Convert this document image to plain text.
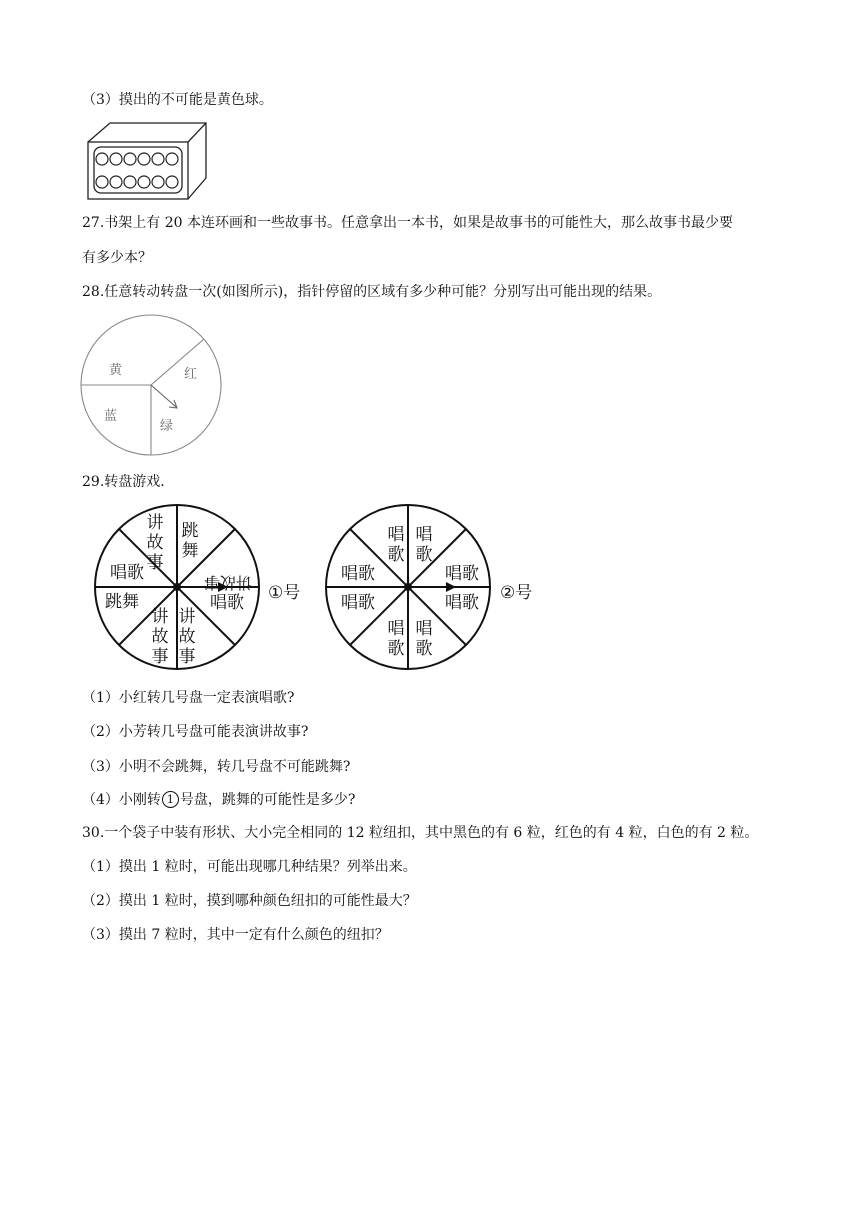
（3）摸出的不可能是黄色球。
27.书架上有 20 本连环画和一些故事书。任意拿出一本书，如果是故事书的可能性大，那么故事书最少要
有多少本？
28.任意转动转盘一次(如图所示)，指针停留的区域有多少种可能？分别写出可能出现的结果。
黄	红
蓝
绿
29.转盘游戏.
讲
故
事
跳
舞
讲故事
唱歌
讲
故
事
讲
故
事
跳舞
唱歌
①号
唱
歌
唱
歌
唱歌
唱歌
唱歌
唱歌
唱
歌
唱
歌
②号
（1）小红转几号盘一定表演唱歌?
（2）小芳转几号盘可能表演讲故事?
（3）小明不会跳舞，转几号盘不可能跳舞?
（4）小刚转 1 号盘，跳舞的可能性是多少?
30.一个袋子中装有形状、大小完全相同的 12 粒纽扣，其中黑色的有 6 粒，红色的有 4 粒，白色的有 2 粒。
（1）摸出 1 粒时，可能出现哪几种结果？列举出来。
（2）摸出 1 粒时，摸到哪种颜色纽扣的可能性最大？
（3）摸出 7 粒时，其中一定有什么颜色的纽扣？
